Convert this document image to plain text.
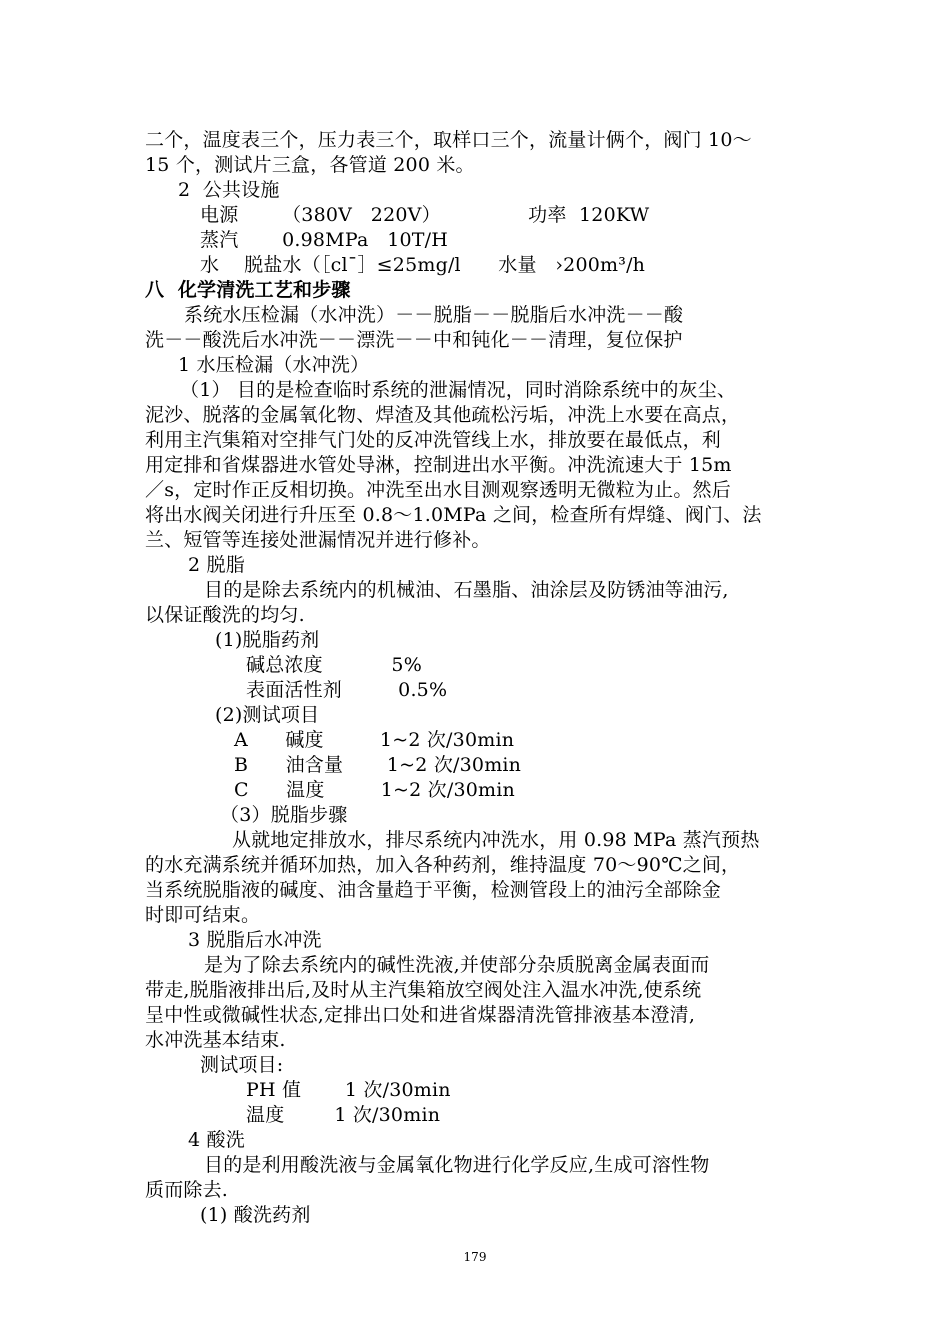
二个，温度表三个，压力表三个，取样口三个，流量计俩个，阀门 10～
15 个，测试片三盒，各管道 200 米。
2  公共设施
电源       （380V   220V）              功率  120KW
蒸汽       0.98MPa   10T/H
水    脱盐水（［cl¯］≤25mg/l      水量   ›200m³/h
八  化学清洗工艺和步骤
系统水压检漏（水冲洗）－－脱脂－－脱脂后水冲洗－－酸
洗－－酸洗后水冲洗－－漂洗－－中和钝化－－清理，复位保护
1 水压检漏（水冲洗）
（1） 目的是检查临时系统的泄漏情况，同时消除系统中的灰尘、
泥沙、脱落的金属氧化物、焊渣及其他疏松污垢，冲洗上水要在高点，
利用主汽集箱对空排气门处的反冲洗管线上水，排放要在最低点，利
用定排和省煤器进水管处导淋，控制进出水平衡。冲洗流速大于 15m
／s，定时作正反相切换。冲洗至出水目测观察透明无微粒为止。然后
将出水阀关闭进行升压至 0.8～1.0MPa 之间，检查所有焊缝、阀门、法
兰、短管等连接处泄漏情况并进行修补。
2 脱脂
目的是除去系统内的机械油、石墨脂、油涂层及防锈油等油污,
以保证酸洗的均匀.
(1)脱脂药剂
碱总浓度           5%
表面活性剂         0.5%
(2)测试项目
A      碱度         1~2 次/30min
B      油含量       1~2 次/30min
C      温度         1~2 次/30min
（3）脱脂步骤
从就地定排放水，排尽系统内冲洗水，用 0.98 MPa 蒸汽预热
的水充满系统并循环加热，加入各种药剂，维持温度 70～90℃之间，
当系统脱脂液的碱度、油含量趋于平衡，检测管段上的油污全部除金
时即可结束。
3 脱脂后水冲洗
是为了除去系统内的碱性洗液,并使部分杂质脱离金属表面而
带走,脱脂液排出后,及时从主汽集箱放空阀处注入温水冲洗,使系统
呈中性或微碱性状态,定排出口处和进省煤器清洗管排液基本澄清,
水冲洗基本结束.
测试项目:
PH 值       1 次/30min
温度        1 次/30min
4 酸洗
目的是利用酸洗液与金属氧化物进行化学反应,生成可溶性物
质而除去.
(1) 酸洗药剂
179
